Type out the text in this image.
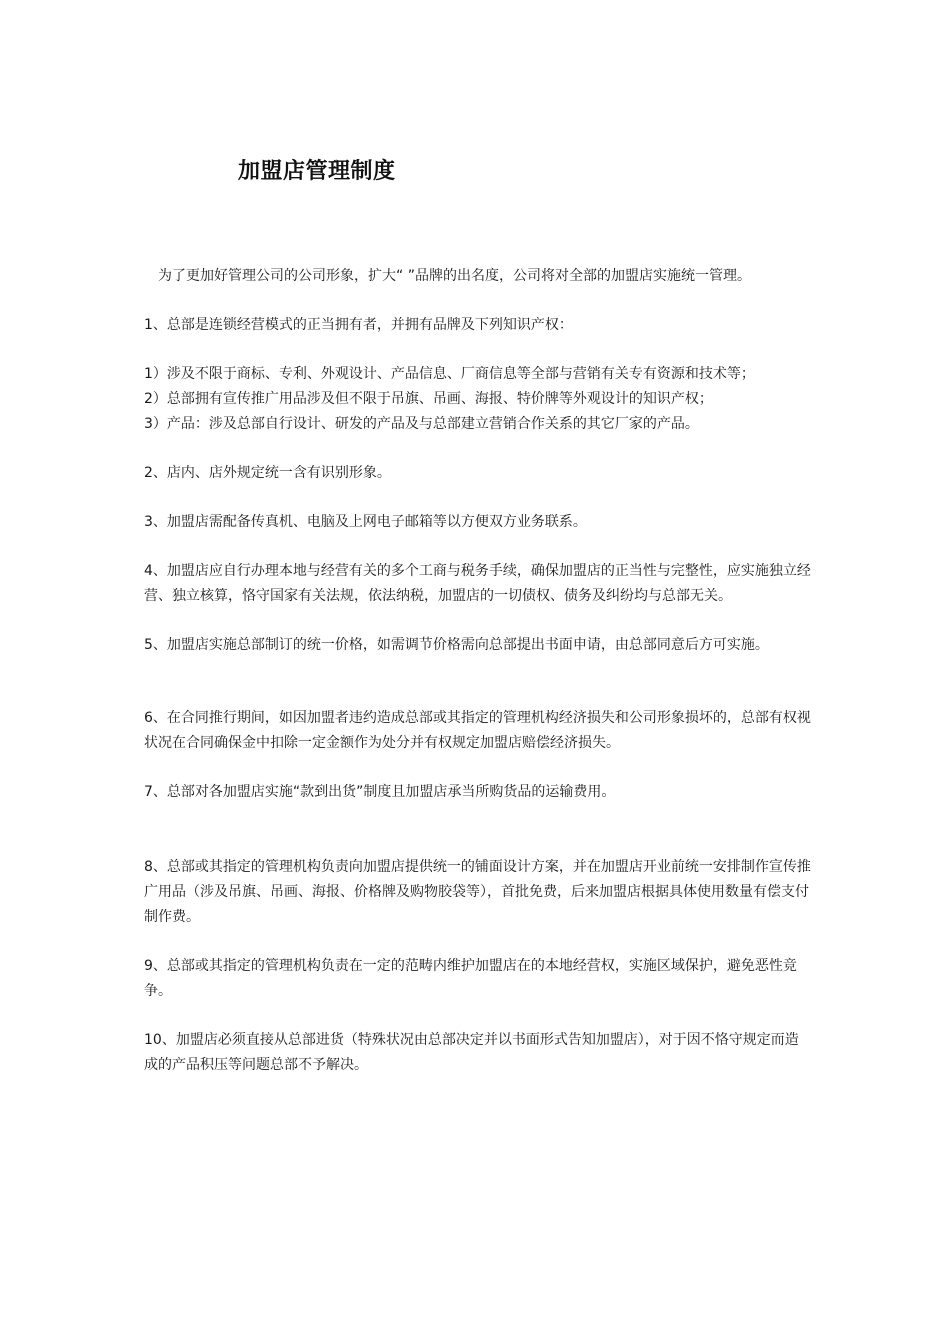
加盟店管理制度

为了更加好管理公司的公司形象，扩大“ ”品牌的出名度，公司将对全部的加盟店实施统一管理。

1、总部是连锁经营模式的正当拥有者，并拥有品牌及下列知识产权：

1）涉及不限于商标、专利、外观设计、产品信息、厂商信息等全部与营销有关专有资源和技术等；

2）总部拥有宣传推广用品涉及但不限于吊旗、吊画、海报、特价牌等外观设计的知识产权；

3）产品：涉及总部自行设计、研发的产品及与总部建立营销合作关系的其它厂家的产品。

2、店内、店外规定统一含有识别形象。

3、加盟店需配备传真机、电脑及上网电子邮箱等以方便双方业务联系。

4、加盟店应自行办理本地与经营有关的多个工商与税务手续，确保加盟店的正当性与完整性，应实施独立经营、独立核算，恪守国家有关法规，依法纳税，加盟店的一切债权、债务及纠纷均与总部无关。

5、加盟店实施总部制订的统一价格，如需调节价格需向总部提出书面申请，由总部同意后方可实施。

6、在合同推行期间，如因加盟者违约造成总部或其指定的管理机构经济损失和公司形象损坏的，总部有权视状况在合同确保金中扣除一定金额作为处分并有权规定加盟店赔偿经济损失。

7、总部对各加盟店实施“款到出货”制度且加盟店承当所购货品的运输费用。

8、总部或其指定的管理机构负责向加盟店提供统一的铺面设计方案，并在加盟店开业前统一安排制作宣传推广用品（涉及吊旗、吊画、海报、价格牌及购物胶袋等），首批免费，后来加盟店根据具体使用数量有偿支付制作费。

9、总部或其指定的管理机构负责在一定的范畴内维护加盟店在的本地经营权，实施区域保护，避免恶性竞争。

10、加盟店必须直接从总部进货（特殊状况由总部决定并以书面形式告知加盟店），对于因不恪守规定而造成的产品积压等问题总部不予解决。
